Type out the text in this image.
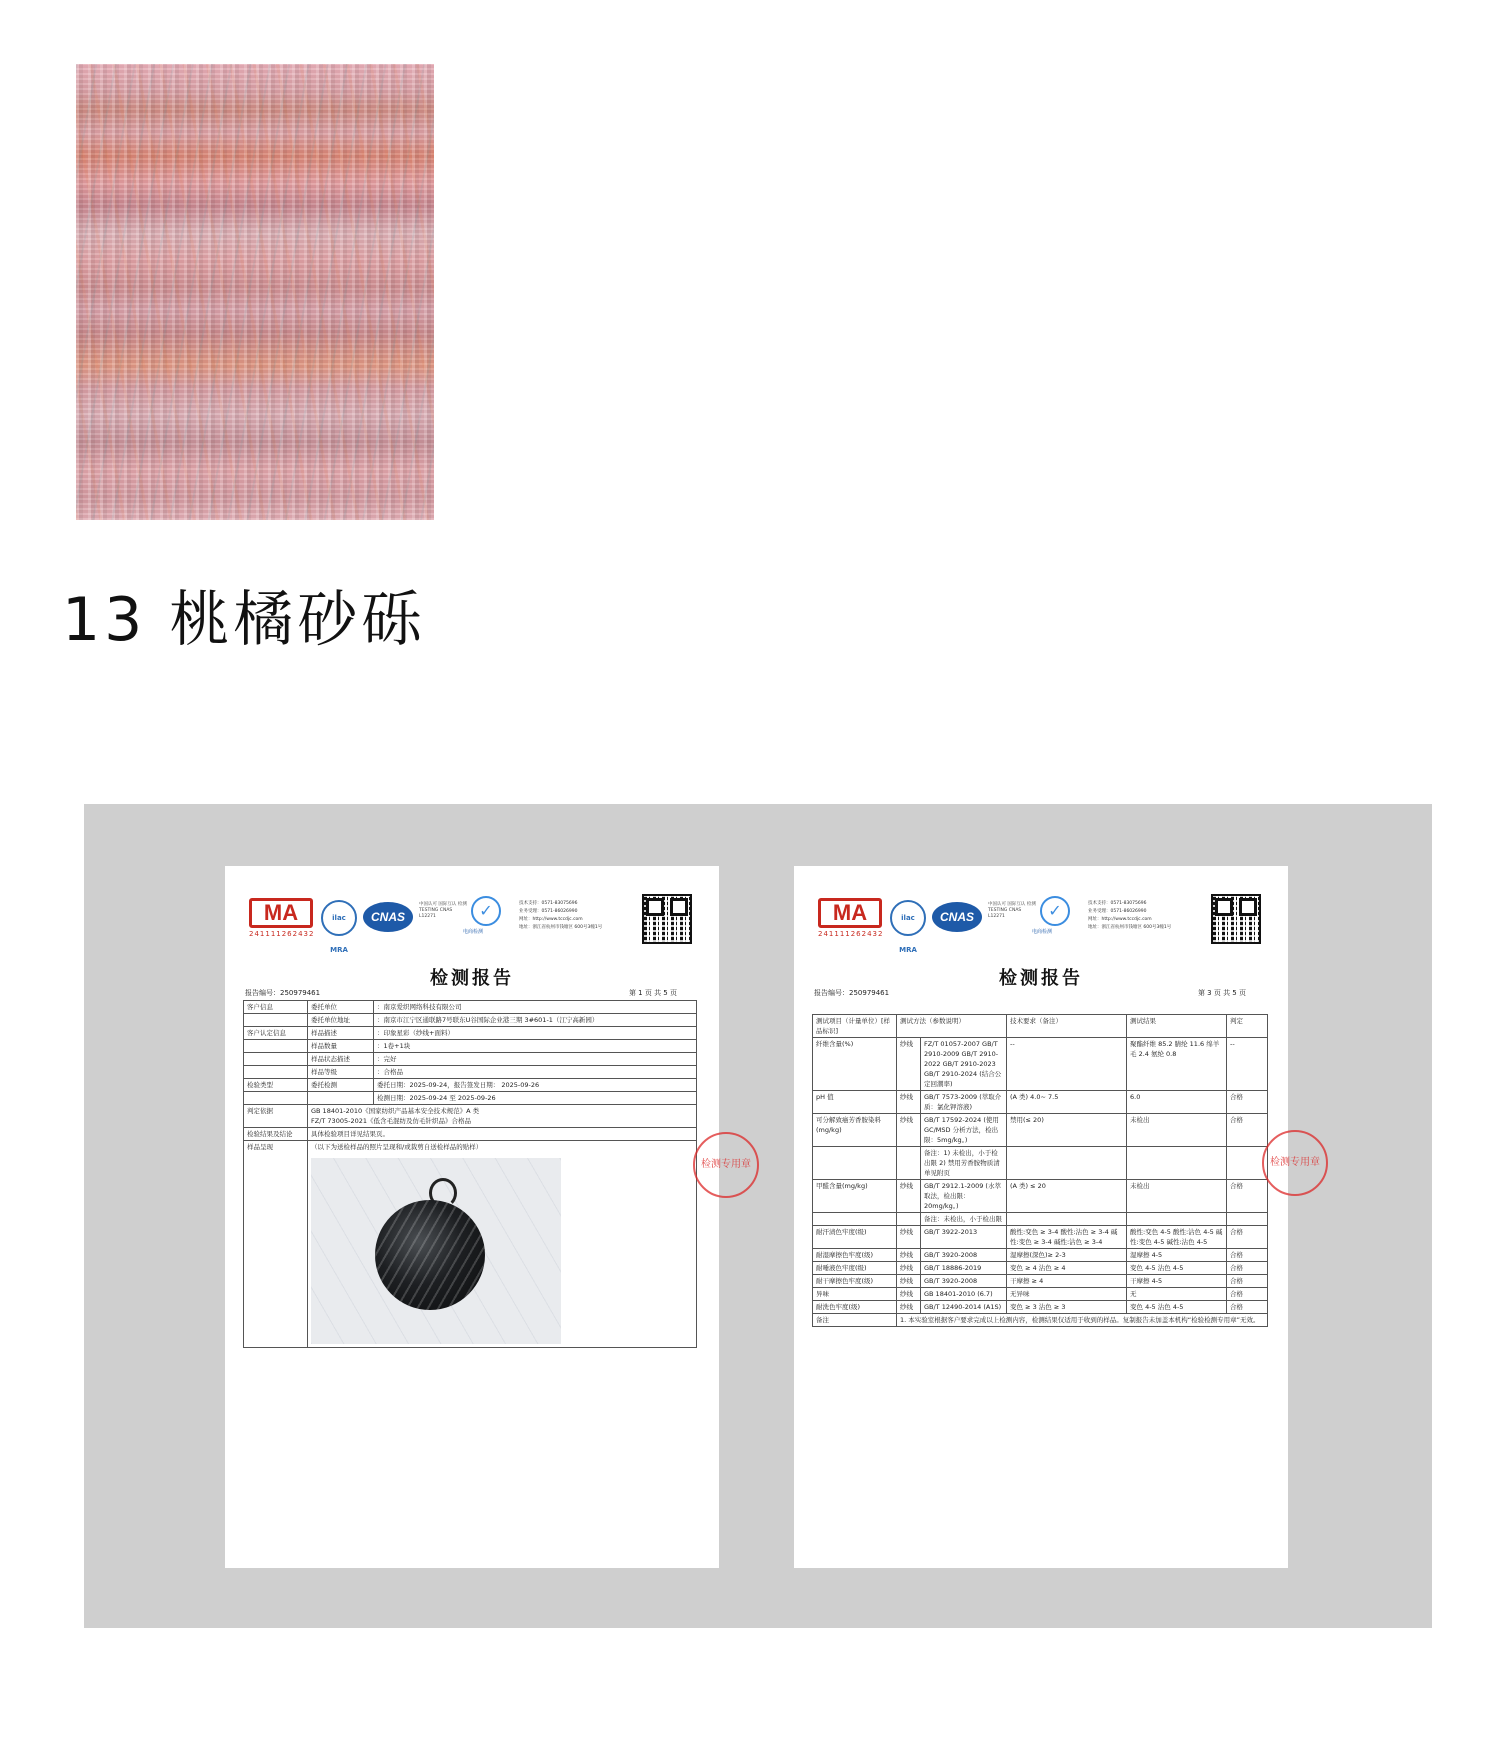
13 桃橘砂砾
MA
241111262432
ilac MRA
CNAS
中国认可 国际互认 检测 TESTING CNAS L12271	✓
电商检测
技术支持：0571-83075696
业务受理：0571-86026990
网址：http://www.tccdjc.com
地址：浙江省杭州市钱塘区 600号3幢1号
检测报告
报告编号：250979461	第 1 页 共 5 页
客户信息	委托单位	：南京爱织网络科技有限公司
	委托单位地址	：南京市江宁区通联路7号联东U谷国际企业港三期 3#601-1（江宁高新园）
客户认定信息	样品描述	：印象星彩（纱线+面料）
	样品数量	：1卷+1块
	样品状态描述	：完好
	样品等级	：合格品
检验类型	委托检测	委托日期：2025-09-24，报告签发日期： 2025-09-26
		检测日期：2025-09-24 至 2025-09-26
判定依据	GB 18401-2010《国家纺织产品基本安全技术规范》A 类
FZ/T 73005-2021《低含毛混纺及仿毛针织品》合格品	

检验结果及结论	具体检验项目详见结果页。	
样品呈现	（以下为送检样品的照片呈现和/或裁剪自送检样品的贴样）	
检测专用章
MA
241111262432
ilac MRA
CNAS
中国认可 国际互认 检测 TESTING CNAS L12271	✓
电商检测
技术支持：0571-83075696
业务受理：0571-86026990
网址：http://www.tccdjc.com
地址：浙江省杭州市钱塘区 600号3幢1号
检测报告
报告编号：250979461	第 3 页 共 5 页
测试项目（计量单位）[样品标识]	测试方法（参数说明）		技术要求（备注）	测试结果	判定
纤维含量(%)	纱线	FZ/T 01057-2007 GB/T 2910-2009 GB/T 2910-2022 GB/T 2910-2023 GB/T 2910-2024 (结合公定回潮率)	--	聚酯纤维 85.2 腈纶 11.6 绵羊毛 2.4 氨纶 0.8	--
pH 值	纱线	GB/T 7573-2009 (萃取介质：氯化钾溶液)	(A 类) 4.0~ 7.5	6.0	合格
可分解致癌芳香胺染料(mg/kg)	纱线	GB/T 17592-2024 (使用 GC/MSD 分析方法，检出限：5mg/kg。)	禁用(≤ 20)	未检出	合格
		备注：1) 未检出，小于检出限 2) 禁用芳香胺物质清单见附页			
甲醛含量(mg/kg)	纱线	GB/T 2912.1-2009 (水萃取法，检出限：20mg/kg。)	(A 类) ≤ 20	未检出	合格
		备注：未检出，小于检出限			
耐汗渍色牢度(级)	纱线	GB/T 3922-2013	酸性:变色 ≥ 3-4 酸性:沾色 ≥ 3-4 碱性:变色 ≥ 3-4 碱性:沾色 ≥ 3-4	酸性:变色 4-5 酸性:沾色 4-5 碱性:变色 4-5 碱性:沾色 4-5	合格
耐湿摩擦色牢度(级)	纱线	GB/T 3920-2008	湿摩擦(深色)≥ 2-3	湿摩擦 4-5	合格
耐唾液色牢度(级)	纱线	GB/T 18886-2019	变色 ≥ 4 沾色 ≥ 4	变色 4-5 沾色 4-5	合格
耐干摩擦色牢度(级)	纱线	GB/T 3920-2008	干摩擦 ≥ 4	干摩擦 4-5	合格
异味	纱线	GB 18401-2010 (6.7)	无异味	无	合格
耐洗色牢度(级)	纱线	GB/T 12490-2014 (A1S)	变色 ≥ 3 沾色 ≥ 3	变色 4-5 沾色 4-5	合格
备注	1. 本实验室根据客户要求完成以上检测内容，检测结果仅适用于收到的样品。复制报告未加盖本机构“检验检测专用章”无效。				
检测专用章
